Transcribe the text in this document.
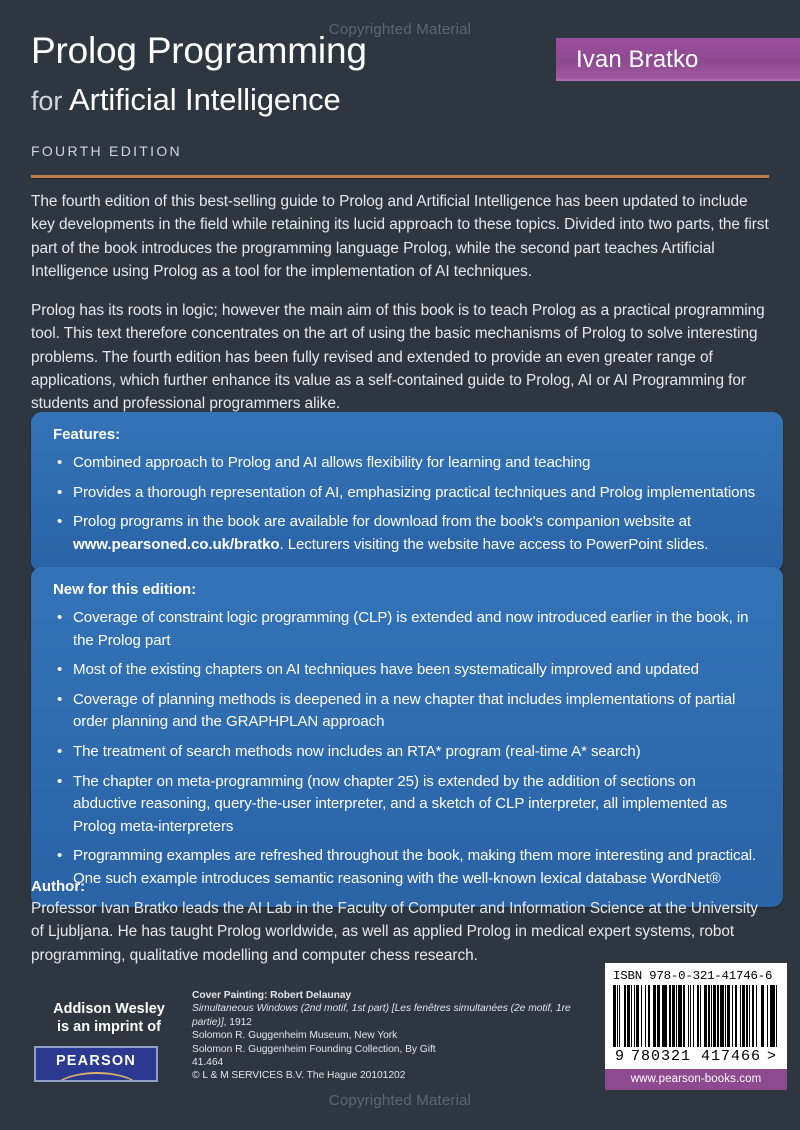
Copyrighted Material
Ivan Bratko
Prolog Programming
for Artificial Intelligence
FOURTH EDITION

The fourth edition of this best-selling guide to Prolog and Artificial Intelligence has been updated to include key developments in the field while retaining its lucid approach to these topics. Divided into two parts, the first part of the book introduces the programming language Prolog, while the second part teaches Artificial Intelligence using Prolog as a tool for the implementation of AI techniques.

Prolog has its roots in logic; however the main aim of this book is to teach Prolog as a practical programming tool. This text therefore concentrates on the art of using the basic mechanisms of Prolog to solve interesting problems. The fourth edition has been fully revised and extended to provide an even greater range of applications, which further enhance its value as a self-contained guide to Prolog, AI or AI Programming for students and professional programmers alike.

Features:
• Combined approach to Prolog and AI allows flexibility for learning and teaching
• Provides a thorough representation of AI, emphasizing practical techniques and Prolog implementations
• Prolog programs in the book are available for download from the book's companion website at www.pearsoned.co.uk/bratko. Lecturers visiting the website have access to PowerPoint slides.
New for this edition:
• Coverage of constraint logic programming (CLP) is extended and now introduced earlier in the book, in the Prolog part
• Most of the existing chapters on AI techniques have been systematically improved and updated
• Coverage of planning methods is deepened in a new chapter that includes implementations of partial order planning and the GRAPHPLAN approach
• The treatment of search methods now includes an RTA* program (real-time A* search)
• The chapter on meta-programming (now chapter 25) is extended by the addition of sections on abductive reasoning, query-the-user interpreter, and a sketch of CLP interpreter, all implemented as Prolog meta-interpreters
• Programming examples are refreshed throughout the book, making them more interesting and practical. One such example introduces semantic reasoning with the well-known lexical database WordNet®
Author:

Professor Ivan Bratko leads the AI Lab in the Faculty of Computer and Information Science at the University of Ljubljana. He has taught Prolog worldwide, as well as applied Prolog in medical expert systems, robot programming, qualitative modelling and computer chess research.

Addison Wesley
is an imprint of
PEARSON
Cover Painting: Robert Delaunay
Simultaneous Windows (2nd motif, 1st part) [Les fenêtres simultanées (2e motif, 1re partie)], 1912
Solomon R. Guggenheim Museum, New York
Solomon R. Guggenheim Founding Collection, By Gift
41.464
© L & M SERVICES B.V. The Hague 20101202
ISBN 978-0-321-41746-6
9 780321 417466 >
www.pearson-books.com
Copyrighted Material
